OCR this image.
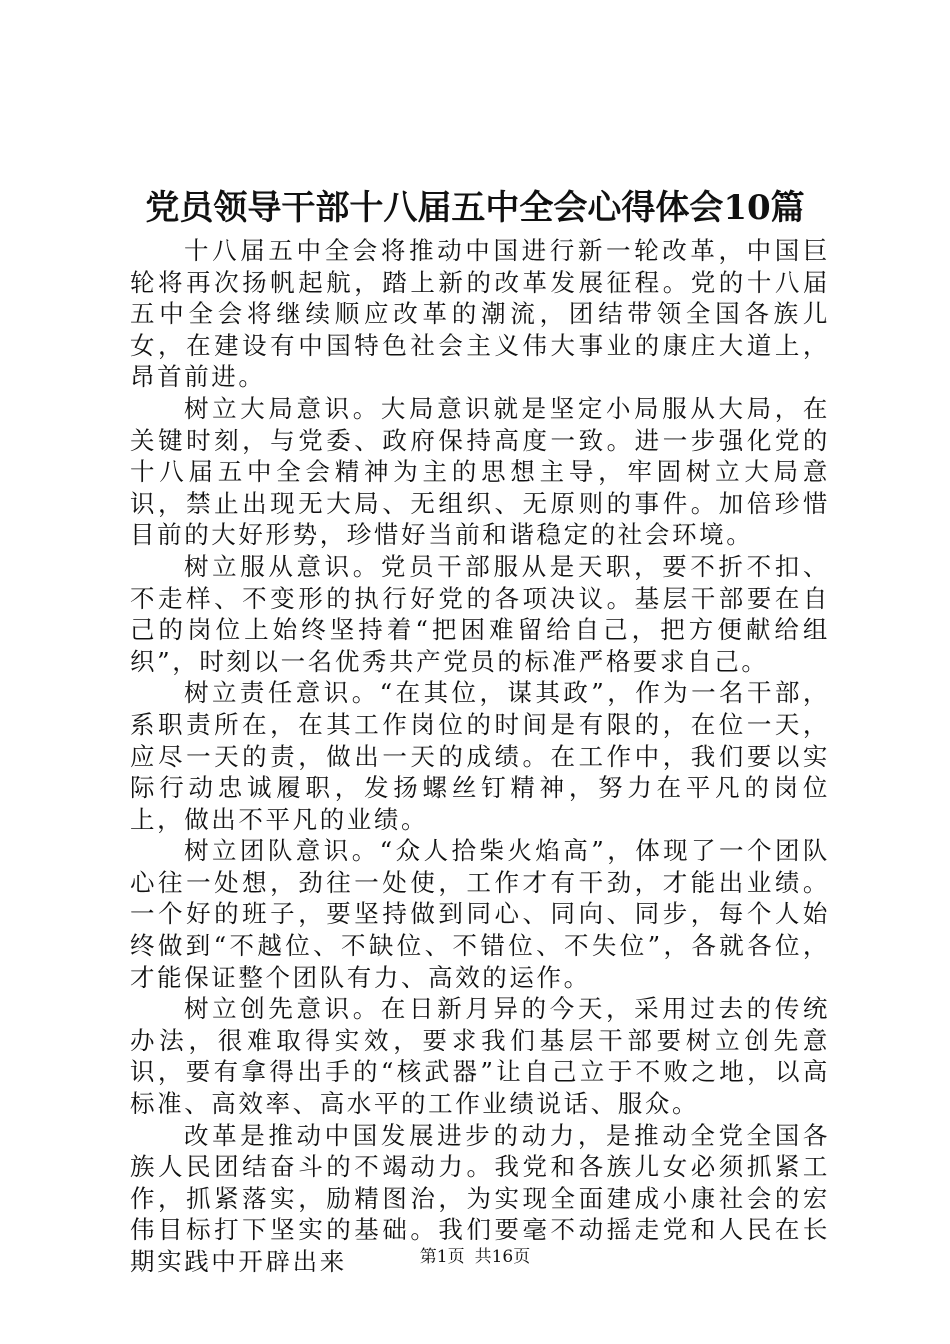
党员领导干部十八届五中全会心得体会10篇

十八届五中全会将推动中国进行新一轮改革，中国巨轮将再次扬帆起航，踏上新的改革发展征程。党的十八届五中全会将继续顺应改革的潮流，团结带领全国各族儿女，在建设有中国特色社会主义伟大事业的康庄大道上，昂首前进。

树立大局意识。大局意识就是坚定小局服从大局，在关键时刻，与党委、政府保持高度一致。进一步强化党的十八届五中全会精神为主的思想主导，牢固树立大局意识，禁止出现无大局、无组织、无原则的事件。加倍珍惜目前的大好形势，珍惜好当前和谐稳定的社会环境。

树立服从意识。党员干部服从是天职，要不折不扣、不走样、不变形的执行好党的各项决议。基层干部要在自己的岗位上始终坚持着“把困难留给自己，把方便献给组织”，时刻以一名优秀共产党员的标准严格要求自己。

树立责任意识。“在其位，谋其政”，作为一名干部，系职责所在，在其工作岗位的时间是有限的，在位一天，应尽一天的责，做出一天的成绩。在工作中，我们要以实际行动忠诚履职，发扬螺丝钉精神，努力在平凡的岗位上，做出不平凡的业绩。

树立团队意识。“众人拾柴火焰高”，体现了一个团队心往一处想，劲往一处使，工作才有干劲，才能出业绩。一个好的班子，要坚持做到同心、同向、同步，每个人始终做到“不越位、不缺位、不错位、不失位”，各就各位，才能保证整个团队有力、高效的运作。

树立创先意识。在日新月异的今天，采用过去的传统办法，很难取得实效，要求我们基层干部要树立创先意识，要有拿得出手的“核武器”让自己立于不败之地，以高标准、高效率、高水平的工作业绩说话、服众。

改革是推动中国发展进步的动力，是推动全党全国各族人民团结奋斗的不竭动力。我党和各族儿女必须抓紧工作，抓紧落实，励精图治，为实现全面建成小康社会的宏伟目标打下坚实的基础。我们要毫不动摇走党和人民在长期实践中开辟出来	第1页 共16页
